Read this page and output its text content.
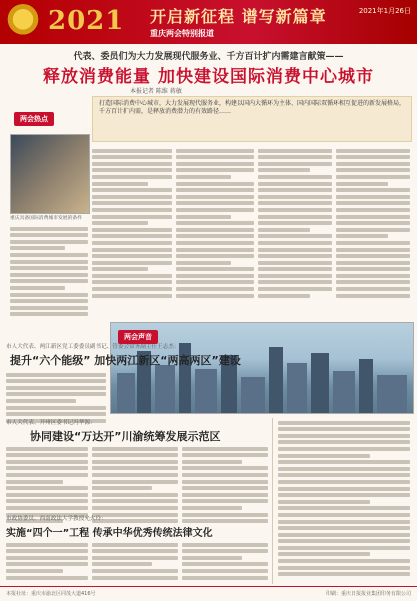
2021 开启新征程 谱写新篇章
重庆两会特别报道
2021年1月26日
代表、委员们为大力发展现代服务业、千方百计扩内需建言献策——
释放消费能量 加快建设国际消费中心城市
本报记者 陈维 蒋敏
两会热点

打造国际消费中心城市，大力发展现代服务业，构建以国内大循环为主体、国内国际双循环相互促进的新发展格局，千方百计扩内需，是释放消费潜力的有效路径……

重庆具备国际消费城市发展的条件
两会声音
市人大代表、两江新区党工委委员副书记、管委会常务副主任王志杰：
提升“六个能级” 加快两江新区“两高两区”建设
市人大代表、开州区委书记冯华源：
协同建设“万达开”川渝统筹发展示范区
市政协委员、西南政法大学教授允火玲：
实施“四个一”工程 传承中华优秀传统法律文化
本报社址：重庆市渝北区同茂大道416号	印刷：重庆日报报业集团印务有限公司
